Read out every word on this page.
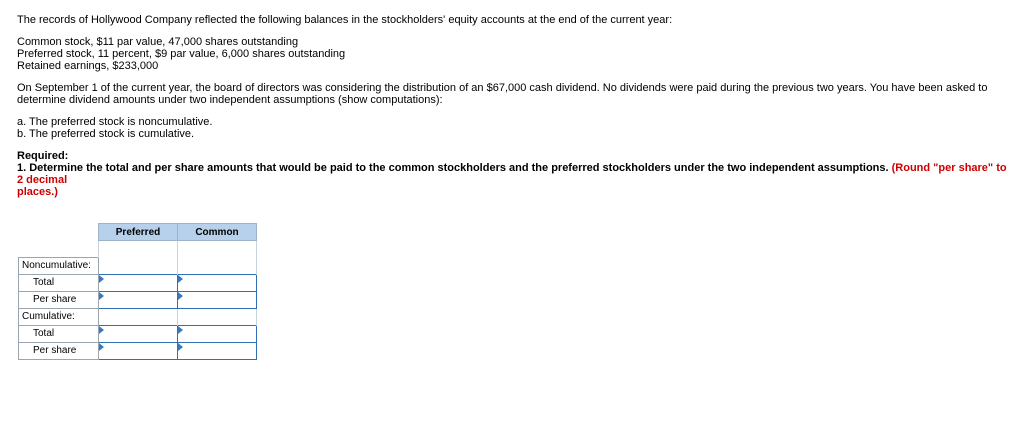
The records of Hollywood Company reflected the following balances in the stockholders' equity accounts at the end of the current year:

Common stock, $11 par value, 47,000 shares outstanding

Preferred stock, 11 percent, $9 par value, 6,000 shares outstanding

Retained earnings, $233,000

On September 1 of the current year, the board of directors was considering the distribution of an $67,000 cash dividend. No dividends were paid during the previous two years. You have been asked to

determine dividend amounts under two independent assumptions (show computations):

a. The preferred stock is noncumulative.

b. The preferred stock is cumulative.

Required:

1. Determine the total and per share amounts that would be paid to the common stockholders and the preferred stockholders under the two independent assumptions. (Round "per share" to 2 decimal

places.)

	Preferred	Common

Noncumulative:		
Total		
Per share		
Cumulative:		
Total		
Per share		
